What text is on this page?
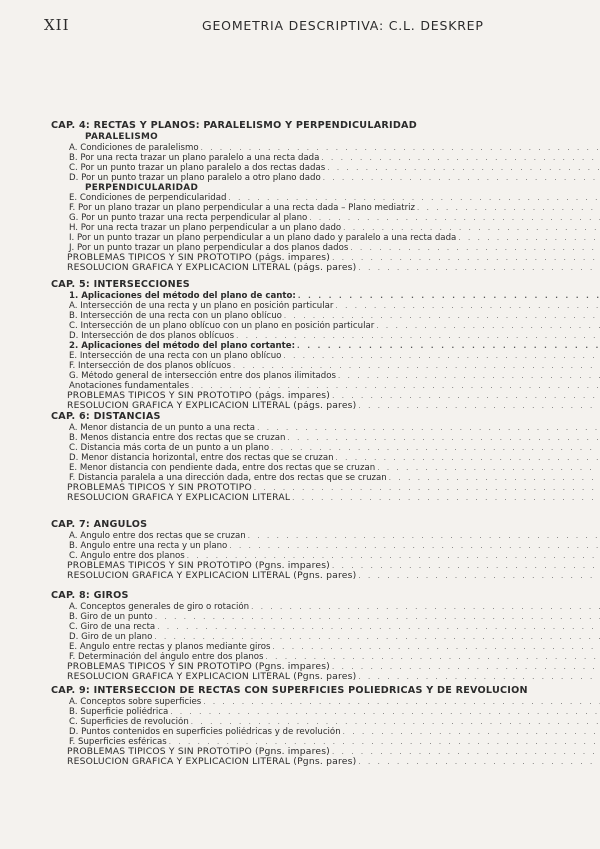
XII	GEOMETRIA DESCRIPTIVA: C.L. DESKREP
CAP. 4: RECTAS Y PLANOS: PARALELISMO Y PERPENDICULARIDAD
PARALELISMO
A. Condiciones de paralelismo
. . .
B. Por una recta trazar un plano paralelo a una recta dada
. . .
C. Por un punto trazar un plano paralelo a dos rectas dadas
. . .
D. Por un punto trazar un plano paralelo a otro plano dado
. . .
PERPENDICULARIDAD
E. Condiciones de perpendicularidad
. . .
F. Por un plano trazar un plano perpendicular a una recta dada – Plano mediatriz
. . .
G. Por un punto trazar una recta perpendicular al plano
. . .
H. Por una recta trazar un plano perpendicular a un plano dado
. . .
I. Por un punto trazar un plano perpendicular a un plano dado y paralelo a una recta dada
. . .
J. Por un punto trazar un plano perpendicular a dos planos dados
. . .
PROBLEMAS TIPICOS Y SIN PROTOTIPO (págs. impares)
. . .
RESOLUCION GRAFICA Y EXPLICACION LITERAL (págs. pares)
. . .
CAP. 5: INTERSECCIONES
1. Aplicaciones del método del plano de canto:
. . .
A. Intersección de una recta y un plano en posición particular
. . .
B. Intersección de una recta con un plano oblícuo
. . .
C. Intersección de un plano oblícuo con un plano en posición particular
. . .
D. Intersección de dos planos oblícuos
. . .
2. Aplicaciones del método del plano cortante:
. . .
E. Intersección de una recta con un plano oblícuo
. . .
F. Intersección de dos planos oblícuos
. . .
G. Método general de intersección entre dos planos ilimitados
. . .
Anotaciones fundamentales
. . .
PROBLEMAS TIPICOS Y SIN PROTOTIPO (págs. impares)
. . .
RESOLUCION GRAFICA Y EXPLICACION LITERAL (págs. pares)
. . .
CAP. 6: DISTANCIAS
A. Menor distancia de un punto a una recta
. . .
B. Menos distancia entre dos rectas que se cruzan
. . .
C. Distancia más corta de un punto a un plano
. . .
D. Menor distancia horizontal, entre dos rectas que se cruzan
. . .
E. Menor distancia con pendiente dada, entre dos rectas que se cruzan
. . .
F. Distancia paralela a una dirección dada, entre dos rectas que se cruzan
. . .
PROBLEMAS TIPICOS Y SIN PROTOTIPO
. . .
RESOLUCION GRAFICA Y EXPLICACION LITERAL
. . .
CAP. 7: ANGULOS
A. Angulo entre dos rectas que se cruzan
. . .
B. Angulo entre una recta y un plano
. . .
C. Angulo entre dos planos
. . .
PROBLEMAS TIPICOS Y SIN PROTOTIPO (Pgns. impares)
. . .
RESOLUCION GRAFICA Y EXPLICACION LITERAL (Pgns. pares)
. . .
CAP. 8: GIROS
A. Conceptos generales de giro o rotación
. . .
B. Giro de un punto
. . .
C. Giro de una recta
. . .
D. Giro de un plano
. . .
E. Angulo entre rectas y planos mediante giros
. . .
F. Determinación del ángulo entre dos planos
. . .
PROBLEMAS TIPICOS Y SIN PROTOTIPO (Pgns. impares)
. . .
RESOLUCION GRAFICA Y EXPLICACION LITERAL (Pgns. pares)
. . .
CAP. 9: INTERSECCION DE RECTAS CON SUPERFICIES POLIEDRICAS Y DE REVOLUCION
A. Conceptos sobre superficies
. . .
B. Superficie poliédrica
. . .
C. Superficies de revolución
. . .
D. Puntos contenidos en superficies poliédricas y de revolución
. . .
F. Superficies esféricas
. . .
PROBLEMAS TIPICOS Y SIN PROTOTIPO (Pgns. impares)
. . .
RESOLUCION GRAFICA Y EXPLICACION LITERAL (Pgns. pares)
. . .
